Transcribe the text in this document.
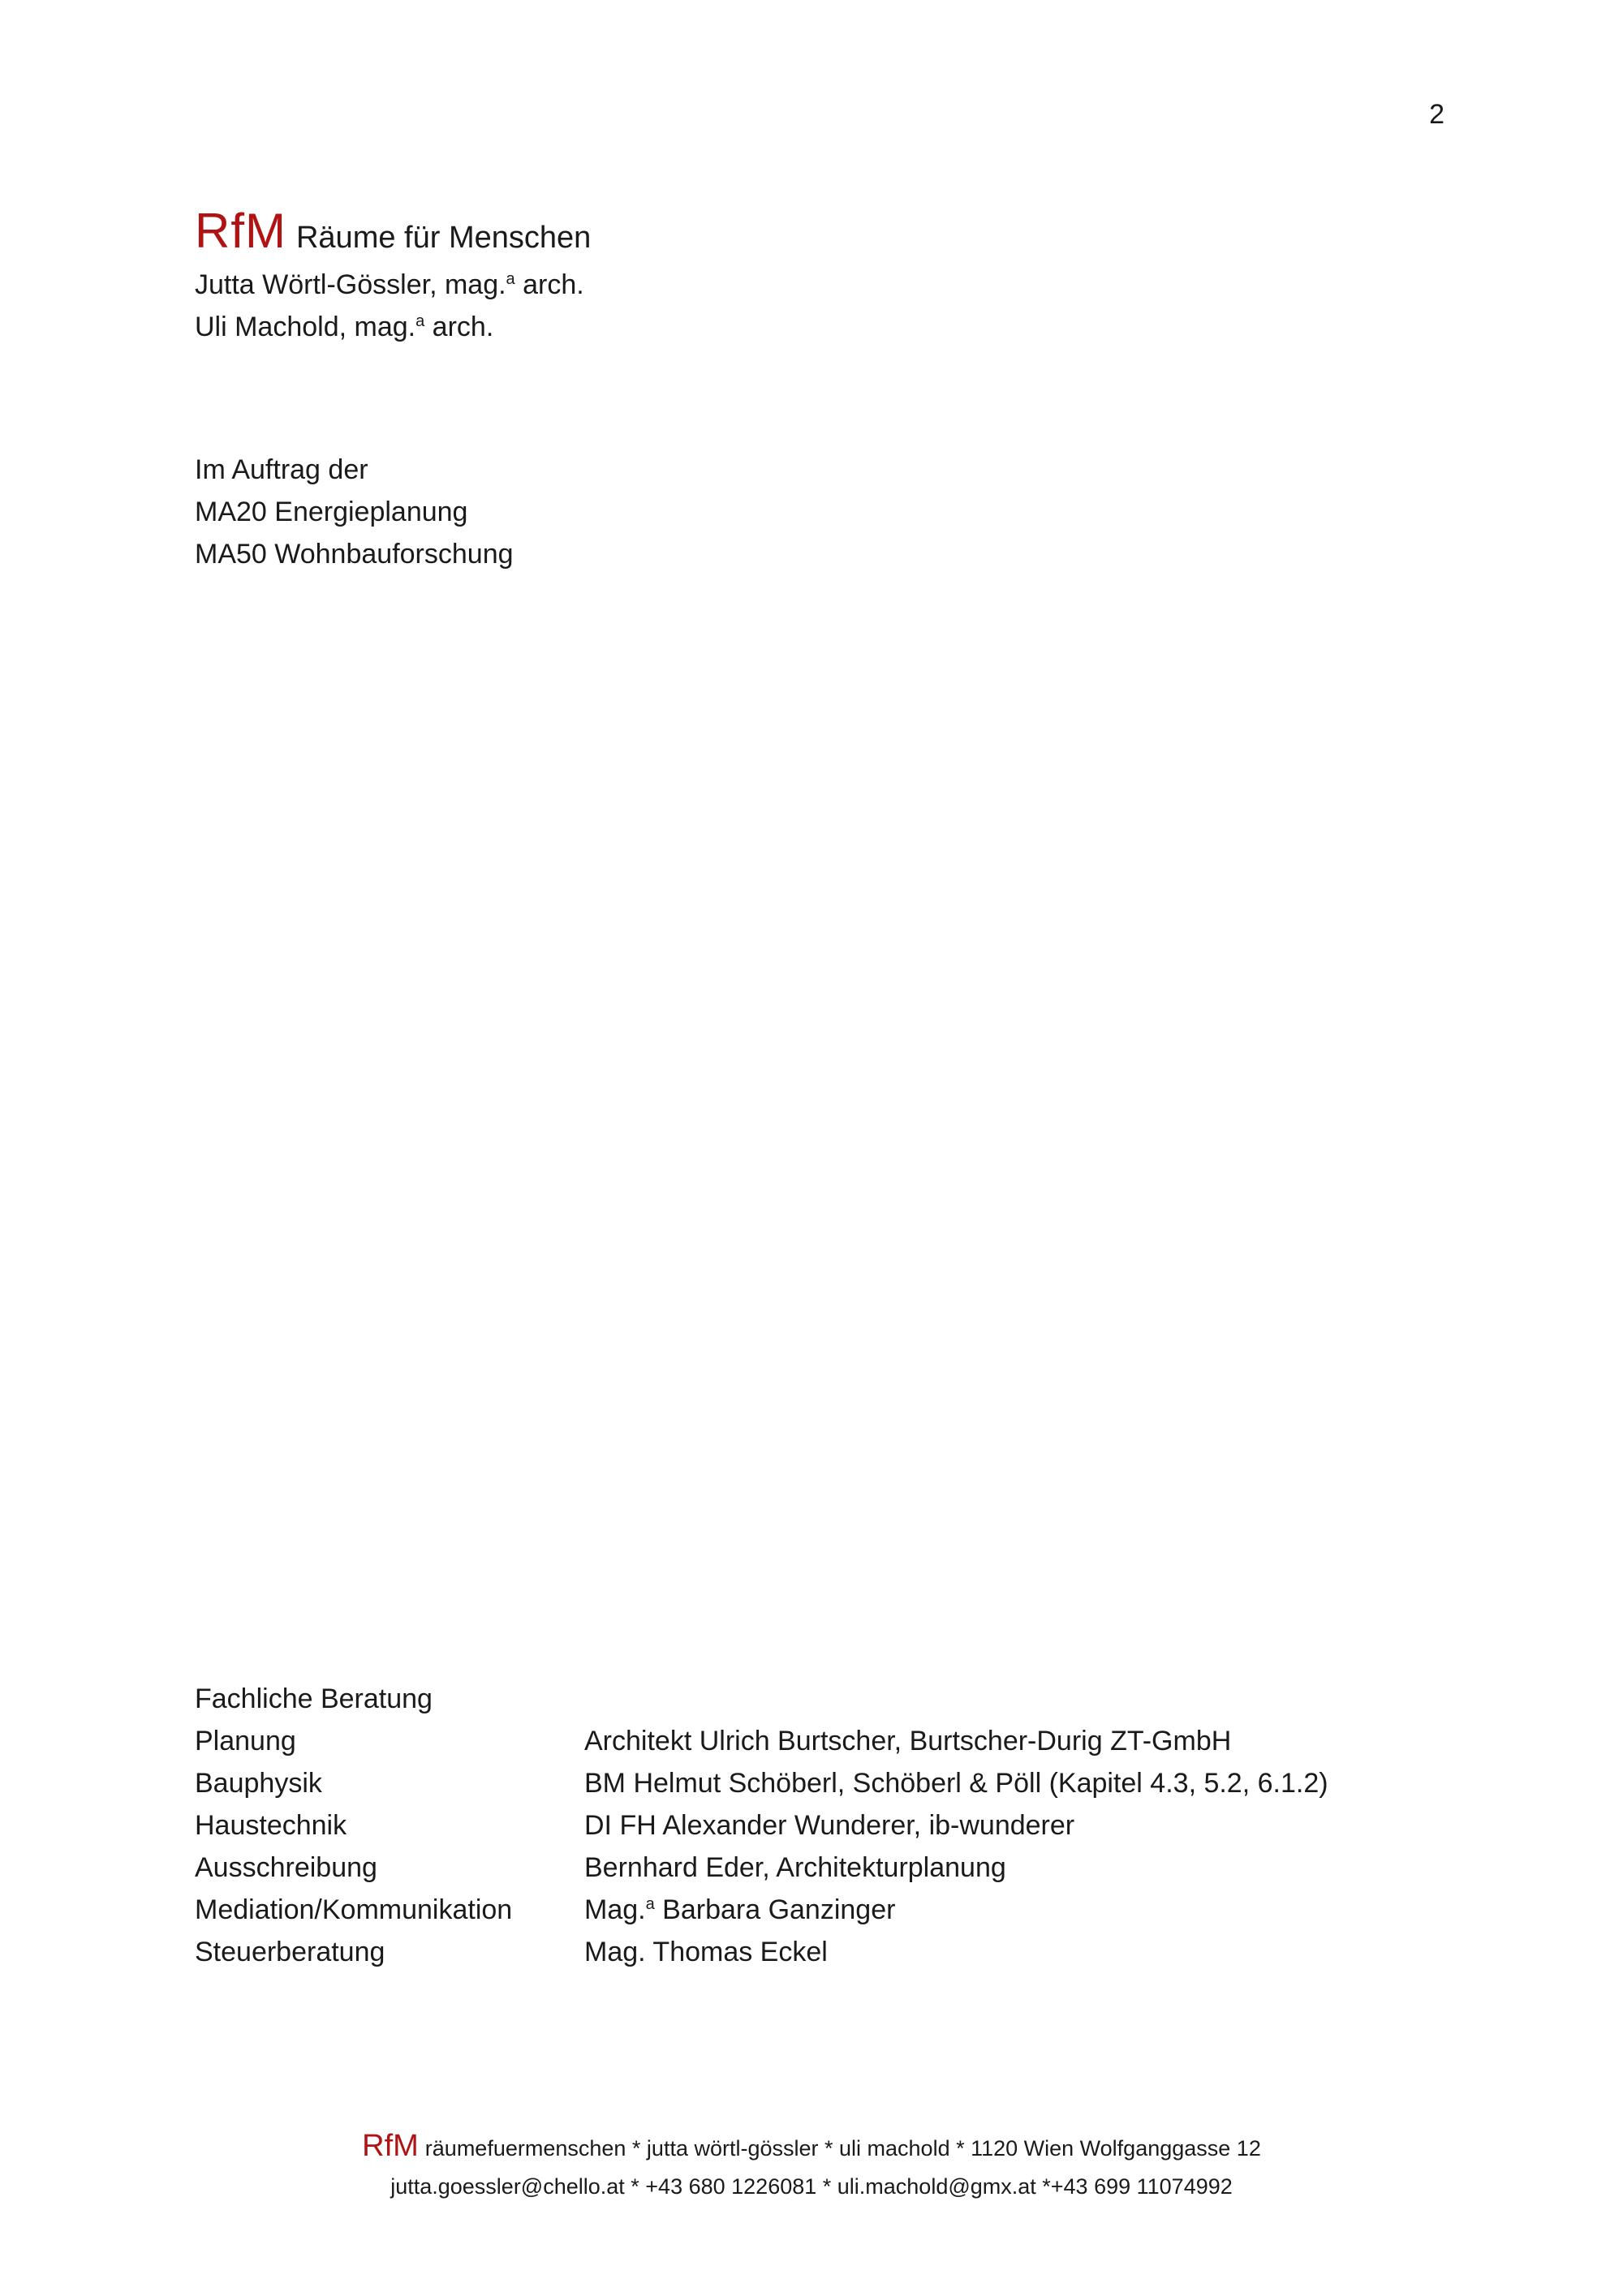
2
RfM Räume für Menschen
Jutta Wörtl-Gössler, mag.$^a$ arch.
Uli Machold, mag.$^a$ arch.
Im Auftrag der
MA20 Energieplanung
MA50 Wohnbauforschung
Fachliche Beratung
Planung	Architekt Ulrich Burtscher, Burtscher-Durig ZT-GmbH
Bauphysik	BM Helmut Schöberl, Schöberl & Pöll (Kapitel 4.3, 5.2, 6.1.2)
Haustechnik	DI FH Alexander Wunderer, ib-wunderer
Ausschreibung	Bernhard Eder, Architekturplanung
Mediation/Kommunikation	Mag.$^a$ Barbara Ganzinger
Steuerberatung	Mag. Thomas Eckel
RfM räumefuermenschen * jutta wörtl-gössler * uli machold * 1120 Wien Wolfganggasse 12
jutta.goessler@chello.at * +43 680 1226081 * uli.machold@gmx.at *+43 699 11074992
